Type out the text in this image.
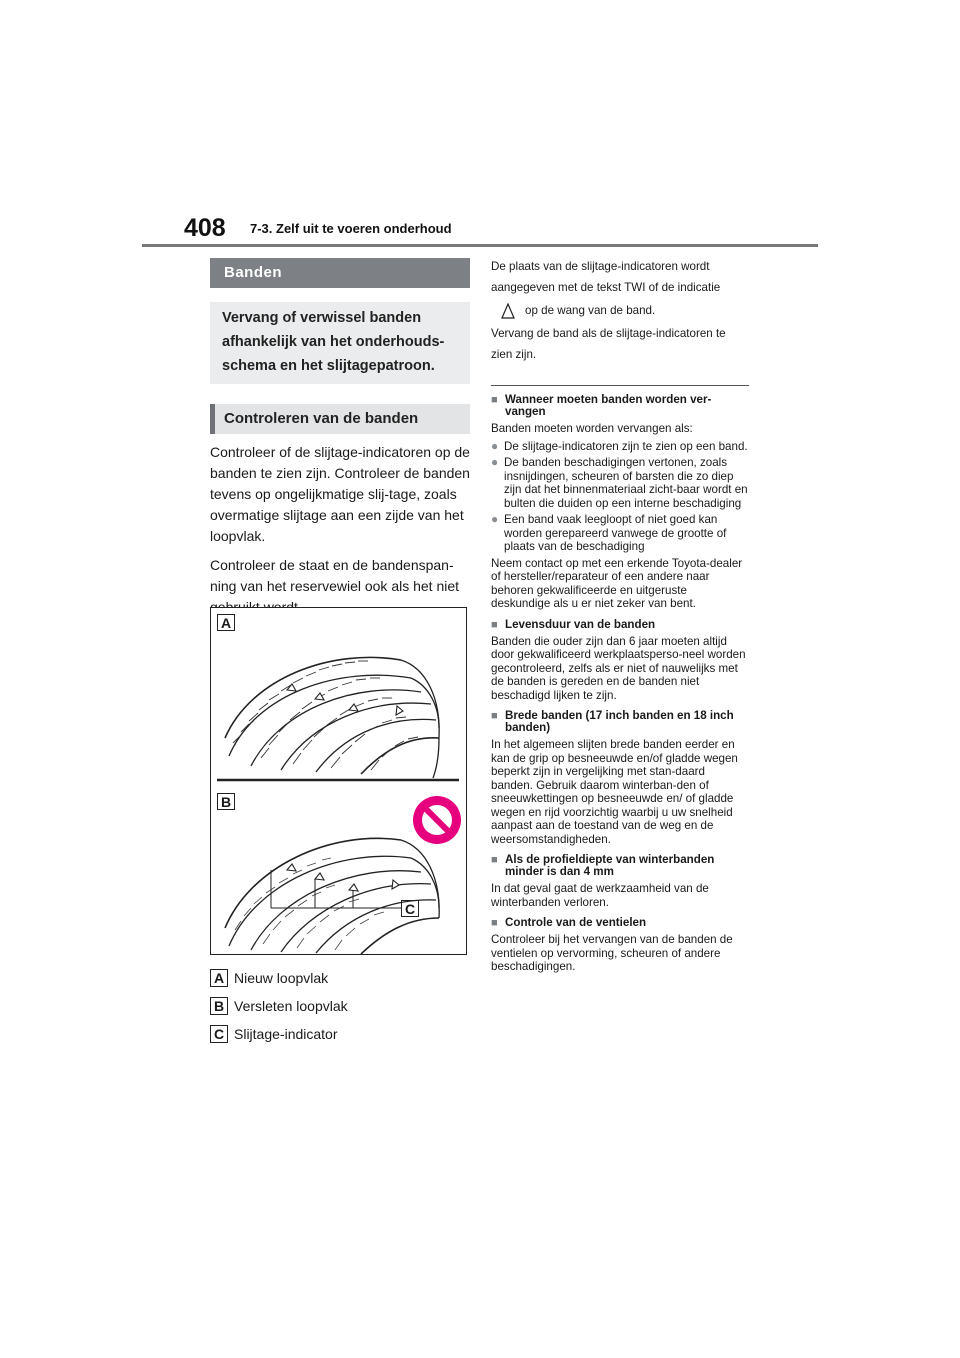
408 7-3. Zelf uit te voeren onderhoud
Banden
Vervang of verwissel banden afhankelijk van het onderhouds-schema en het slijtagepatroon.
Controleren van de banden

Controleer of de slijtage-indicatoren op de banden te zien zijn. Controleer de banden tevens op ongelijkmatige slij-tage, zoals overmatige slijtage aan een zijde van het loopvlak.

Controleer de staat en de bandenspan-ning van het reservewiel ook als het niet

A
B
C
A Nieuw loopvlak
B Versleten loopvlak
C Slijtage-indicator

De plaats van de slijtage-indicatoren wordt aangegeven met de tekst TWI of de indicatie

op de wang van de band.

Vervang de band als de slijtage-indicatoren te zien zijn.

■ Wanneer moeten banden worden ver-vangen
Banden moeten worden vervangen als:
● De slijtage-indicatoren zijn te zien op een band.
● De banden beschadigingen vertonen, zoals insnijdingen, scheuren of barsten die zo diep zijn dat het binnenmateriaal zicht-baar wordt en bulten die duiden op een interne beschadiging
● Een band vaak leegloopt of niet goed kan worden gerepareerd vanwege de grootte of plaats van de beschadiging
Neem contact op met een erkende Toyota-dealer of hersteller/reparateur of een andere naar behoren gekwalificeerde en uitgeruste deskundige als u er niet zeker van bent.
■ Levensduur van de banden
Banden die ouder zijn dan 6 jaar moeten altijd door gekwalificeerd werkplaatsperso-neel worden gecontroleerd, zelfs als er niet of nauwelijks met de banden is gereden en de banden niet beschadigd lijken te zijn.
■ Brede banden (17 inch banden en 18 inch banden)
In het algemeen slijten brede banden eerder en kan de grip op besneeuwde en/of gladde wegen beperkt zijn in vergelijking met stan-daard banden. Gebruik daarom winterban-den of sneeuwkettingen op besneeuwde en/ of gladde wegen en rijd voorzichtig waarbij u uw snelheid aanpast aan de toestand van de weg en de weersomstandigheden.
■ Als de profieldiepte van winterbanden minder is dan 4 mm
In dat geval gaat de werkzaamheid van de winterbanden verloren.
■ Controle van de ventielen
Controleer bij het vervangen van de banden de ventielen op vervorming, scheuren of andere beschadigingen.
